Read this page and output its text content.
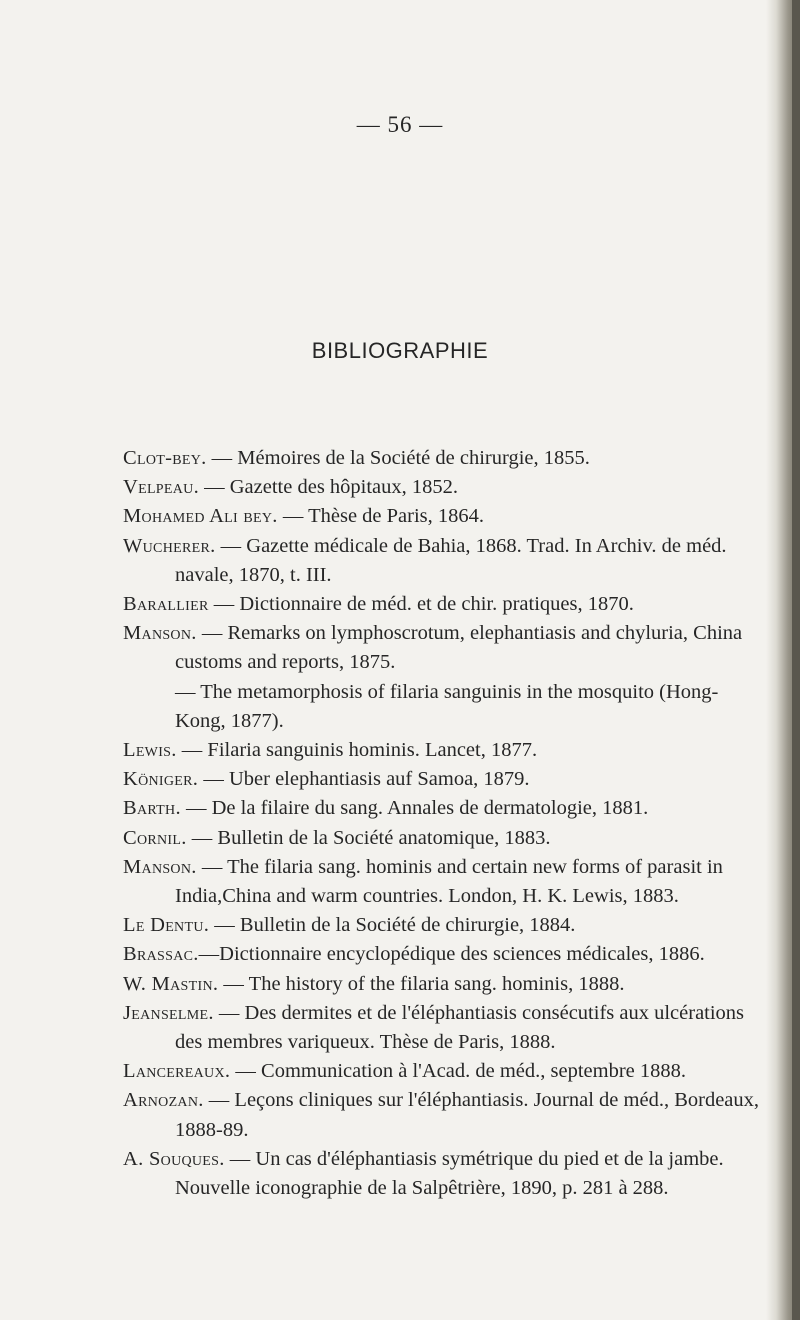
— 56 —
BIBLIOGRAPHIE

Clot-bey. — Mémoires de la Société de chirurgie, 1855.

Velpeau. — Gazette des hôpitaux, 1852.

Mohamed Ali bey. — Thèse de Paris, 1864.

Wucherer. — Gazette médicale de Bahia, 1868. Trad. In Archiv. de méd. navale, 1870, t. III.

Barallier — Dictionnaire de méd. et de chir. pratiques, 1870.

Manson. — Remarks on lymphoscrotum, elephantiasis and chyluria, China customs and reports, 1875.

— The metamorphosis of filaria sanguinis in the mosquito (Hong-Kong, 1877).

Lewis. — Filaria sanguinis hominis. Lancet, 1877.

Königer. — Uber elephantiasis auf Samoa, 1879.

Barth. — De la filaire du sang. Annales de dermatologie, 1881.

Cornil. — Bulletin de la Société anatomique, 1883.

Manson. — The filaria sang. hominis and certain new forms of parasit in India,China and warm countries. London, H. K. Lewis, 1883.

Le Dentu. — Bulletin de la Société de chirurgie, 1884.

Brassac.—Dictionnaire encyclopédique des sciences médicales, 1886.

W. Mastin. — The history of the filaria sang. hominis, 1888.

Jeanselme. — Des dermites et de l'éléphantiasis consécutifs aux ulcérations des membres variqueux. Thèse de Paris, 1888.

Lancereaux. — Communication à l'Acad. de méd., septembre 1888.

Arnozan. — Leçons cliniques sur l'éléphantiasis. Journal de méd., Bordeaux, 1888-89.

A. Souques. — Un cas d'éléphantiasis symétrique du pied et de la jambe. Nouvelle iconographie de la Salpêtrière, 1890, p. 281 à 288.
